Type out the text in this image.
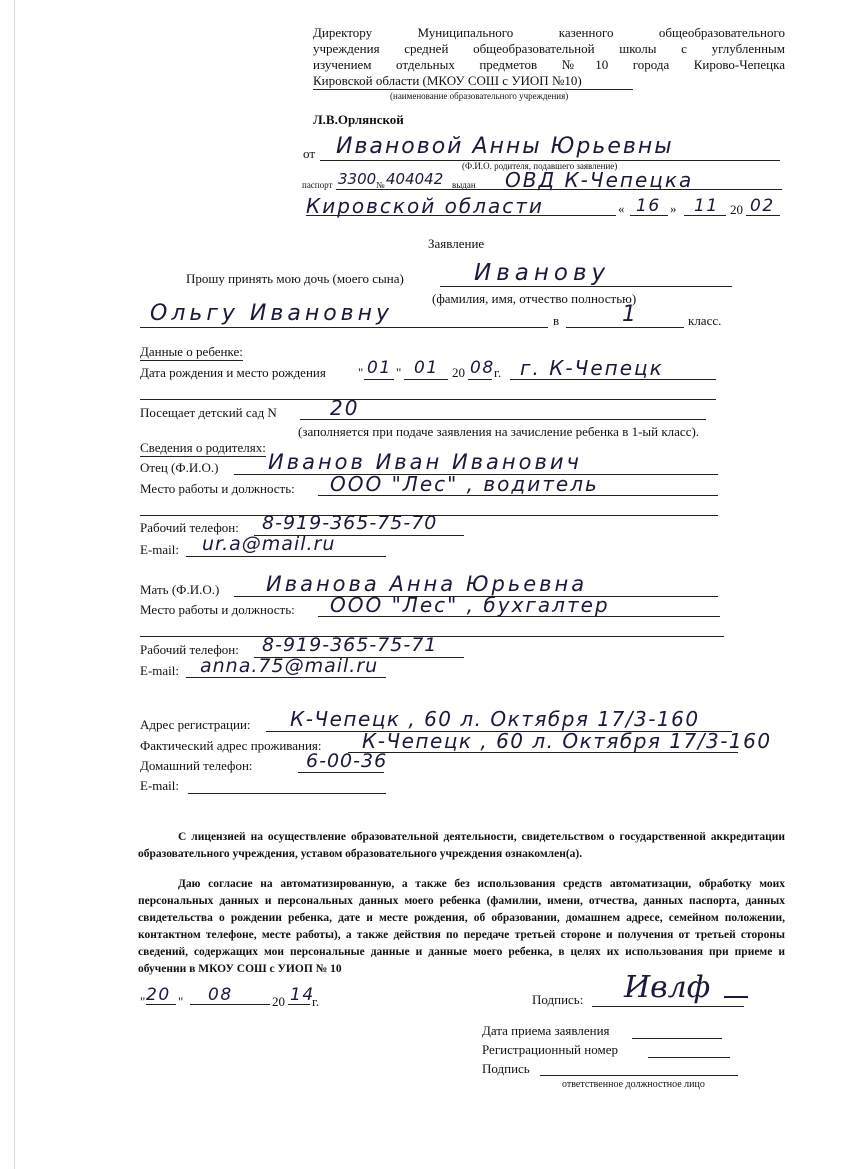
Директору Муниципального казенного общеобразовательного
учреждения средней общеобразовательной школы с углубленным
изучением отдельных предметов №10 города Кирово-Чепецка
Кировской области (МКОУ СОШ с УИОП №10)
(наименование образовательного учреждения)
Л.В.Орлянской
от Ивановой Анны Юрьевны
(Ф.И.О. родителя, подавшего заявление)
паспорт 3300 № 404042 выдан ОВД К-Чепецка
Кировской области	« 16 » 11 20 02
Заявление
Прошу принять мою дочь (моего сына)	Иванову
(фамилия, имя, отчество полностью)
Ольгу Ивановну	в	1	класс.
Данные о ребенке:
Дата рождения и место рождения " 01 " 01 20 08 г. г. К-Чепецк
Посещает детский сад N	20
(заполняется при подаче заявления на зачисление ребенка в 1-ый класс).
Сведения о родителях:
Отец (Ф.И.О.) Иванов Иван Иванович
Место работы и должность: ООО "Лес" , водитель
Рабочий телефон: 8-919-365-75-70
E-mail: ur.a@mail.ru
Мать (Ф.И.О.) Иванова Анна Юрьевна
Место работы и должность: ООО "Лес" , бухгалтер
Рабочий телефон: 8-919-365-75-71
E-mail: anna.75@mail.ru
Адрес регистрации: К-Чепецк , 60 л. Октября 17/3-160
Фактический адрес проживания: К-Чепецк , 60 л. Октября 17/3-160
Домашний телефон:	6-00-36
E-mail:
С лицензией на осуществление образовательной деятельности, свидетельством о государственной аккредитации образовательного учреждения, уставом образовательного учреждения ознакомлен(а).
Даю согласие на автоматизированную, а также без использования средств автоматизации, обработку моих персональных данных и персональных данных моего ребенка (фамилии, имени, отчества, данных паспорта, данных свидетельства о рождении ребенка, дате и месте рождения, об образовании, домашнем адресе, семейном положении, контактном телефоне, месте работы), а также действия по передаче третьей стороне и получения от третьей стороны сведений, содержащих мои персональные данные и данные моего ребенка, в целях их использования при приеме и обучении в МКОУ СОШ с УИОП № 10
" 20 " 08	20 14
г.	Подпись: Ивлф
Дата приема заявления
Регистрационный номер
Подпись
ответственное должностное лицо
